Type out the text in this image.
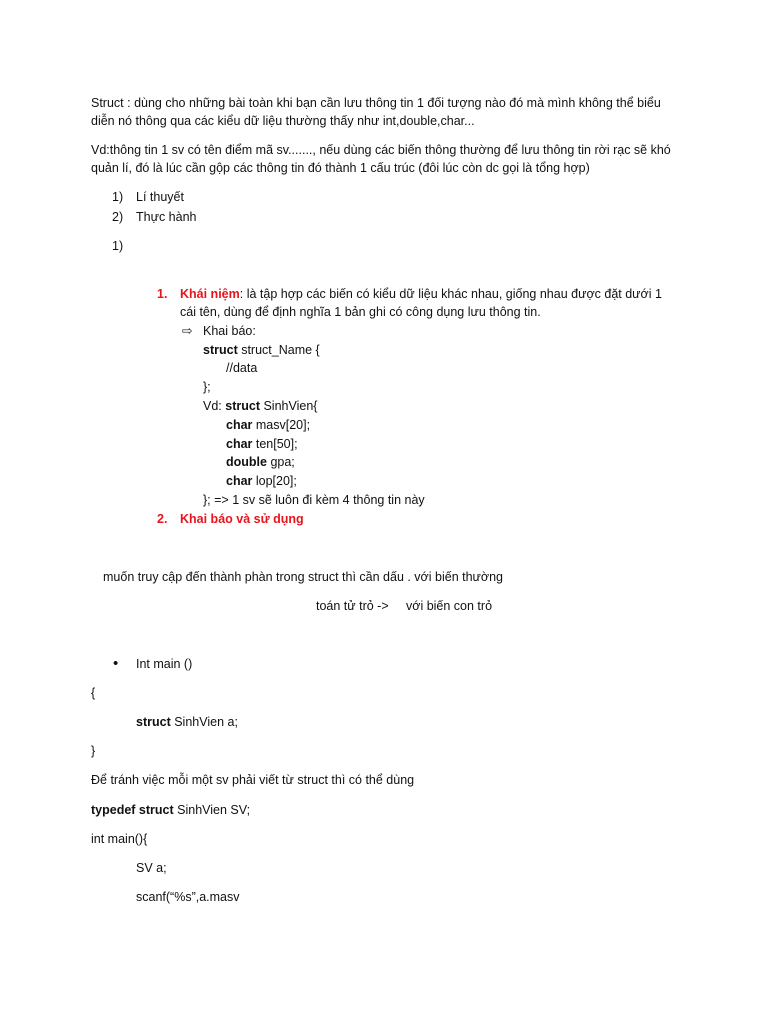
Struct : dùng cho những bài toàn khi bạn cần lưu thông tin 1 đối tượng nào đó mà mình không thể biểu
diễn nó thông qua các kiểu dữ liệu thường thấy như int,double,char...
Vd:thông tin 1 sv có tên điểm mã sv......., nếu dùng các biến thông thường để lưu thông tin rời rạc sẽ khó
quản lí, đó là lúc cần gộp các thông tin đó thành 1 cấu trúc (đôi lúc còn dc gọi là tổng hợp)
1) Lí thuyết
2) Thực hành
1)
1. Khái niệm: là tập hợp các biến có kiểu dữ liệu khác nhau, giống nhau được đặt dưới 1
cái tên, dùng để định nghĩa 1 bản ghi có công dụng lưu thông tin.
⇨ Khai báo:
struct struct_Name {
//data
};
Vd: struct SinhVien{
char masv[20];
char ten[50];
double gpa;
char lop[20];
}; => 1 sv sẽ luôn đi kèm 4 thông tin này
2. Khai báo và sử dụng
muốn truy cập đến thành phàn trong struct thì cần dấu . với biến thường
toán tử trỏ -> với biến con trỏ
• Int main ()
{
struct SinhVien a;
}
Để tránh việc mỗi một sv phải viết từ struct thì có thể dùng
typedef struct SinhVien SV;
int main(){
SV a;
scanf(“%s”,a.masv
